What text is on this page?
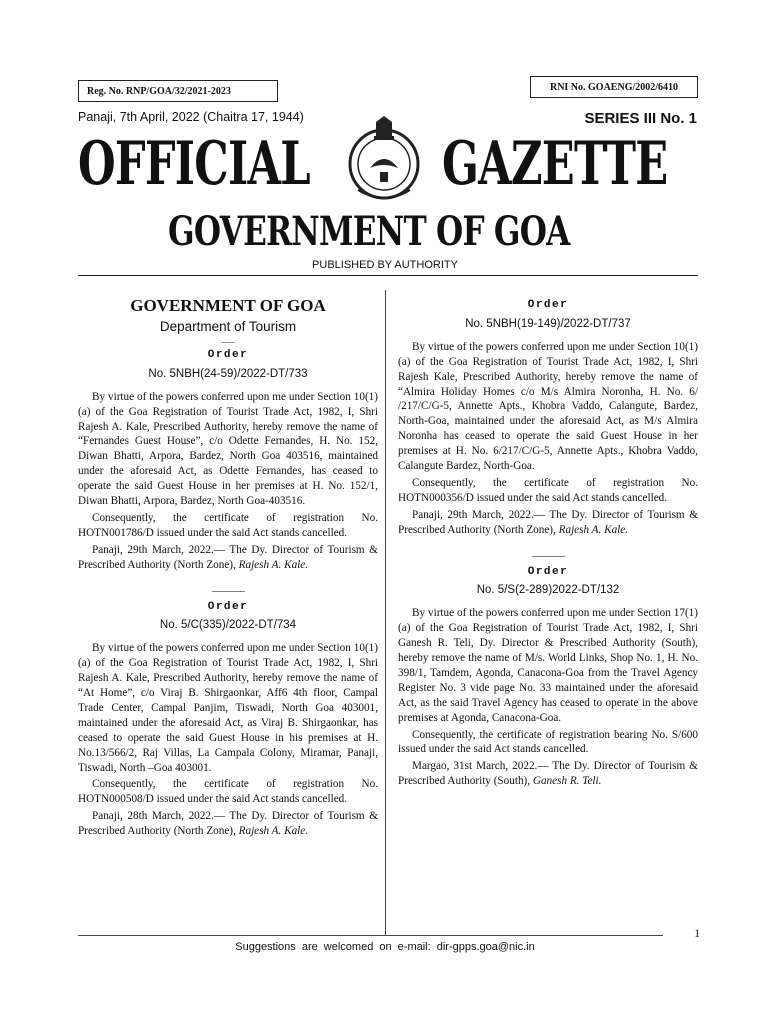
Reg. No. RNP/GOA/32/2021-2023	RNI No. GOAENG/2002/6410
Panaji, 7th April, 2022 (Chaitra 17, 1944)	SERIES III No. 1
OFFICIAL GAZETTE
GOVERNMENT OF GOA
PUBLISHED BY AUTHORITY
GOVERNMENT OF GOA
Department of Tourism
___
Order
No. 5NBH(24-59)/2022-DT/733

By virtue of the powers conferred upon me under Section 10(1)(a) of the Goa Registration of Tourist Trade Act, 1982, I, Shri Rajesh A. Kale, Prescribed Authority, hereby remove the name of “Fernandes Guest House”, c/o Odette Fernandes, H. No. 152, Diwan Bhatti, Arpora, Bardez, North Goa 403516, maintained under the aforesaid Act, as Odette Fernandes, has ceased to operate the said Guest House in her premises at H. No. 152/1, Diwan Bhatti, Arpora, Bardez, North Goa-403516.

Consequently, the certificate of registration No. HOTN001786/D issued under the said Act stands cancelled.

Panaji, 29th March, 2022.— The Dy. Director of Tourism & Prescribed Authority (North Zone), Rajesh A. Kale.

________
Order
No. 5/C(335)/2022-DT/734

By virtue of the powers conferred upon me under Section 10(1)(a) of the Goa Registration of Tourist Trade Act, 1982, I, Shri Rajesh A. Kale, Prescribed Authority, hereby remove the name of “At Home”, c/o Viraj B. Shirgaonkar, Aff6 4th floor, Campal Trade Center, Campal Panjim, Tiswadi, North Goa 403001, maintained under the aforesaid Act, as Viraj B. Shirgaonkar, has ceased to operate the said Guest House in his premises at H. No.13/566/2, Raj Villas, La Campala Colony, Miramar, Panaji, Tiswadi, North –Goa 403001.

Consequently, the certificate of registration No. HOTN000508/D issued under the said Act stands cancelled.

Panaji, 28th March, 2022.— The Dy. Director of Tourism & Prescribed Authority (North Zone), Rajesh A. Kale.

Order
No. 5NBH(19-149)/2022-DT/737

By virtue of the powers conferred upon me under Section 10(1)(a) of the Goa Registration of Tourist Trade Act, 1982, I, Shri Rajesh Kale, Prescribed Authority, hereby remove the name of “Almira Holiday Homes c/o M/s Almira Noronha, H. No. 6/ /217/C/G-5, Annette Apts., Khobra Vaddo, Calangute, Bardez, North-Goa, maintained under the aforesaid Act, as M/s Almira Noronha has ceased to operate the said Guest House in her premises at H. No. 6/217/C/G-5, Annette Apts., Khobra Vaddo, Calangute Bardez, North-Goa.

Consequently, the certificate of registration No. HOTN000356/D issued under the said Act stands cancelled.

Panaji, 29th March, 2022.— The Dy. Director of Tourism & Prescribed Authority (North Zone), Rajesh A. Kale.

________
Order
No. 5/S(2-289)2022-DT/132

By virtue of the powers conferred upon me under Section 17(1) (a) of the Goa Registration of Tourist Trade Act, 1982, I, Shri Ganesh R. Teli, Dy. Director & Prescribed Authority (South), hereby remove the name of M/s. World Links, Shop No. 1, H. No. 398/1, Tamdem, Agonda, Canacona-Goa from the Travel Agency Register No. 3 vide page No. 33 maintained under the aforesaid Act, as the said Travel Agency has ceased to operate in the above premises at Agonda, Canacona-Goa.

Consequently, the certificate of registration bearing No. S/600 issued under the said Act stands cancelled.

Margao, 31st March, 2022.— The Dy. Director of Tourism & Prescribed Authority (South), Ganesh R. Teli.

1
Suggestions are welcomed on e-mail: dir-gpps.goa@nic.in
